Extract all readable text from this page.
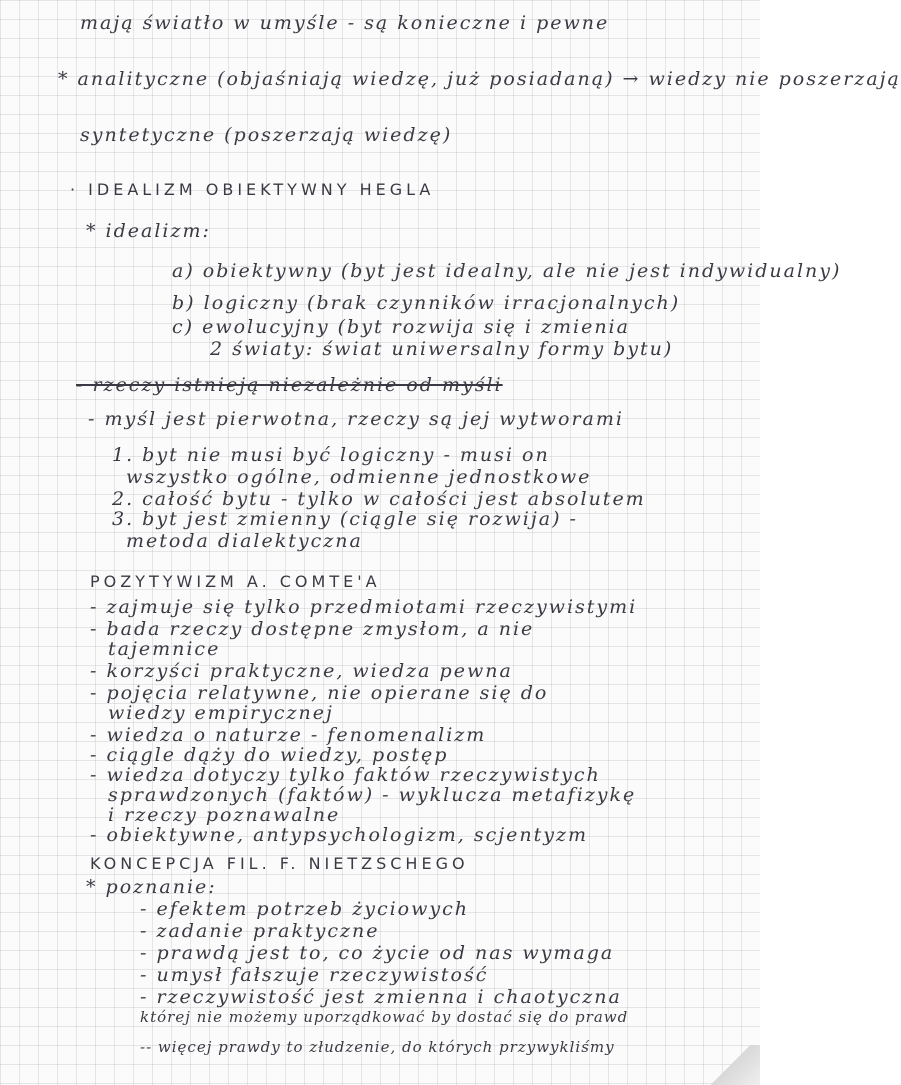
mają światło w umyśle - są konieczne i pewne
* analityczne (objaśniają wiedzę, już posiadaną) → wiedzy nie poszerzają
syntetyczne (poszerzają wiedzę)
· IDEALIZM OBIEKTYWNY HEGLA
* idealizm:
a) obiektywny (byt jest idealny, ale nie jest indywidualny)
b) logiczny (brak czynników irracjonalnych)
c) ewolucyjny (byt rozwija się i zmienia
2 światy: świat uniwersalny formy bytu)
- rzeczy istnieją niezależnie od myśli
- myśl jest pierwotna, rzeczy są jej wytworami
1. byt nie musi być logiczny - musi on
wszystko ogólne, odmienne jednostkowe
2. całość bytu - tylko w całości jest absolutem
3. byt jest zmienny (ciągle się rozwija) -
metoda dialektyczna
POZYTYWIZM A. COMTE'A
- zajmuje się tylko przedmiotami rzeczywistymi
- bada rzeczy dostępne zmysłom, a nie
tajemnice
- korzyści praktyczne, wiedza pewna
- pojęcia relatywne, nie opierane się do
wiedzy empirycznej
- wiedza o naturze - fenomenalizm
- ciągle dąży do wiedzy, postęp
- wiedza dotyczy tylko faktów rzeczywistych
sprawdzonych (faktów) - wyklucza metafizykę
i rzeczy poznawalne
- obiektywne, antypsychologizm, scjentyzm
KONCEPCJA FIL. F. NIETZSCHEGO
* poznanie:
- efektem potrzeb życiowych
- zadanie praktyczne
- prawdą jest to, co życie od nas wymaga
- umysł fałszuje rzeczywistość
- rzeczywistość jest zmienna i chaotyczna
której nie możemy uporządkować by dostać się do prawd
-- więcej prawdy to złudzenie, do których przywykliśmy
